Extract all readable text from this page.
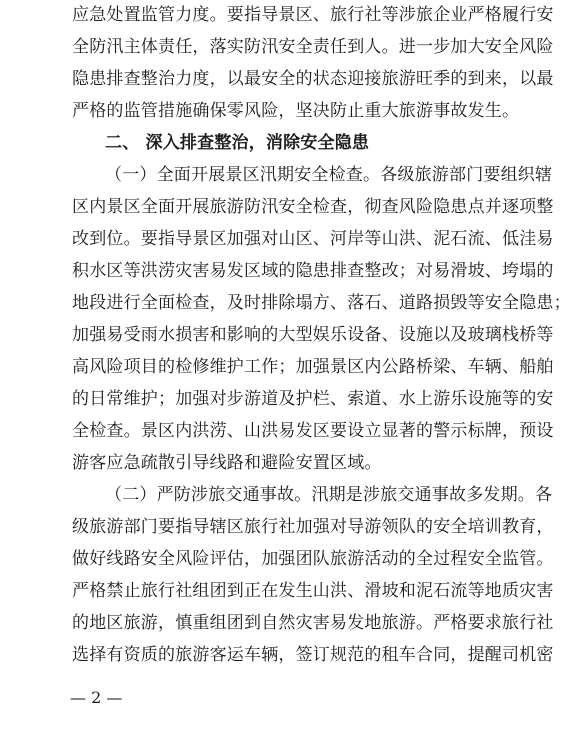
应急处置监管力度。要指导景区、旅行社等涉旅企业严格履行安
全防汛主体责任，落实防汛安全责任到人。进一步加大安全风险
隐患排查整治力度，以最安全的状态迎接旅游旺季的到来，以最
严格的监管措施确保零风险，坚决防止重大旅游事故发生。
二、 深入排查整治，消除安全隐患
（一）全面开展景区汛期安全检查。各级旅游部门要组织辖
区内景区全面开展旅游防汛安全检查，彻查风险隐患点并逐项整
改到位。要指导景区加强对山区、河岸等山洪、泥石流、低洼易
积水区等洪涝灾害易发区域的隐患排查整改；对易滑坡、垮塌的
地段进行全面检查，及时排除塌方、落石、道路损毁等安全隐患；
加强易受雨水损害和影响的大型娱乐设备、设施以及玻璃栈桥等
高风险项目的检修维护工作；加强景区内公路桥梁、车辆、船舶
的日常维护；加强对步游道及护栏、索道、水上游乐设施等的安
全检查。景区内洪涝、山洪易发区要设立显著的警示标牌，预设
游客应急疏散引导线路和避险安置区域。
（二）严防涉旅交通事故。汛期是涉旅交通事故多发期。各
级旅游部门要指导辖区旅行社加强对导游领队的安全培训教育，
做好线路安全风险评估，加强团队旅游活动的全过程安全监管。
严格禁止旅行社组团到正在发生山洪、滑坡和泥石流等地质灾害
的地区旅游，慎重组团到自然灾害易发地旅游。严格要求旅行社
选择有资质的旅游客运车辆，签订规范的租车合同，提醒司机密
— 2 —
